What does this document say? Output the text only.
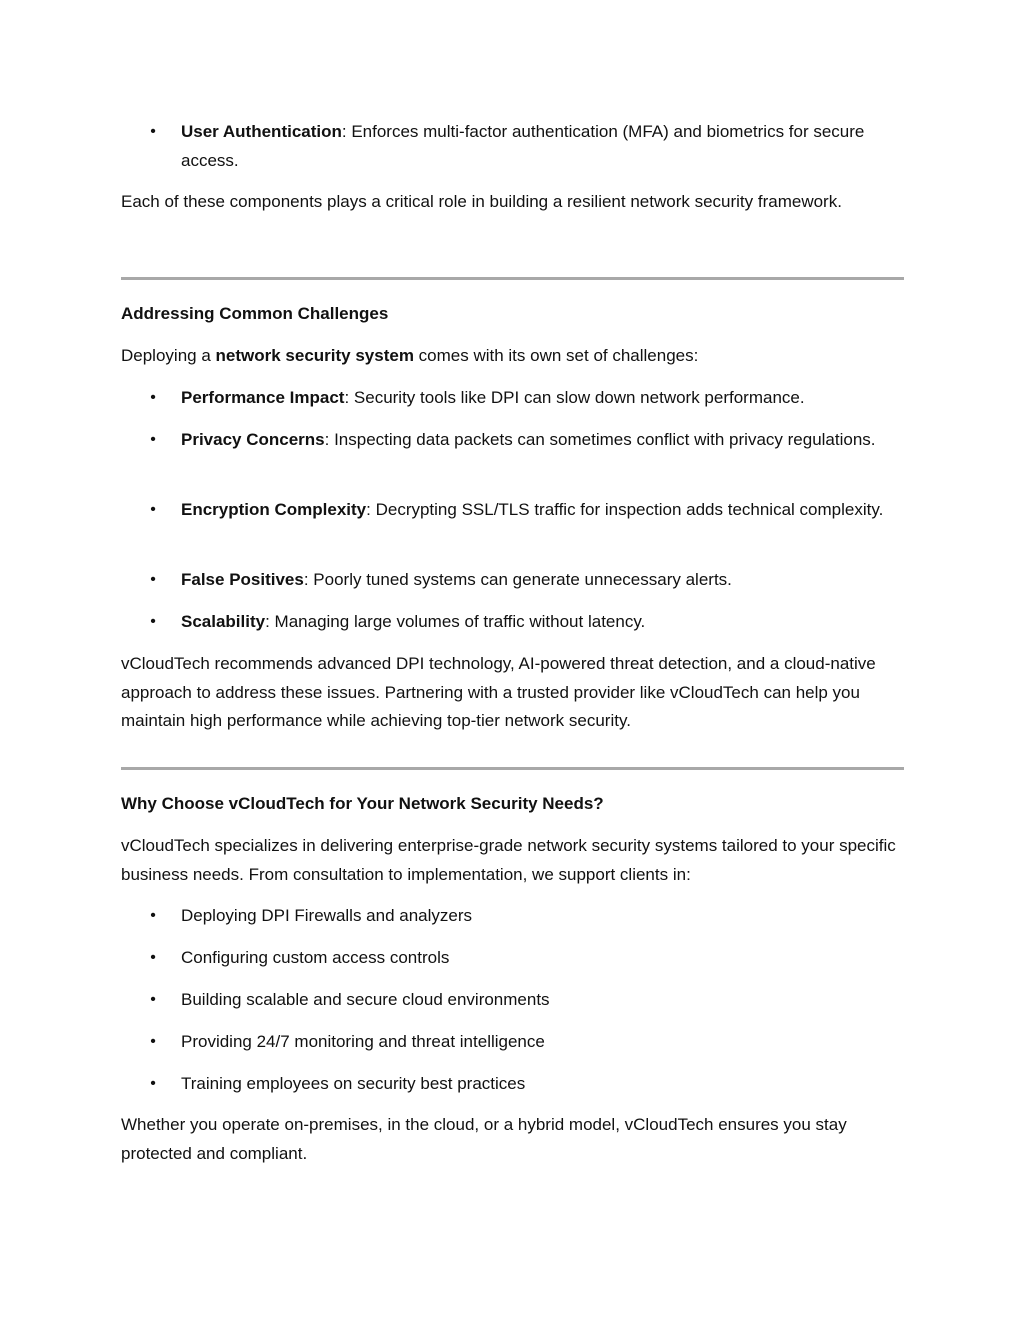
• User Authentication: Enforces multi-factor authentication (MFA) and biometrics for secure access.
Each of these components plays a critical role in building a resilient network security framework.
Addressing Common Challenges
Deploying a network security system comes with its own set of challenges:
• Performance Impact: Security tools like DPI can slow down network performance.
• Privacy Concerns: Inspecting data packets can sometimes conflict with privacy regulations.
• Encryption Complexity: Decrypting SSL/TLS traffic for inspection adds technical complexity.
• False Positives: Poorly tuned systems can generate unnecessary alerts.
• Scalability: Managing large volumes of traffic without latency.
vCloudTech recommends advanced DPI technology, AI-powered threat detection, and a cloud-native approach to address these issues. Partnering with a trusted provider like vCloudTech can help you maintain high performance while achieving top-tier network security.
Why Choose vCloudTech for Your Network Security Needs?
vCloudTech specializes in delivering enterprise-grade network security systems tailored to your specific business needs. From consultation to implementation, we support clients in:
• Deploying DPI Firewalls and analyzers
• Configuring custom access controls
• Building scalable and secure cloud environments
• Providing 24/7 monitoring and threat intelligence
• Training employees on security best practices
Whether you operate on-premises, in the cloud, or a hybrid model, vCloudTech ensures you stay protected and compliant.
